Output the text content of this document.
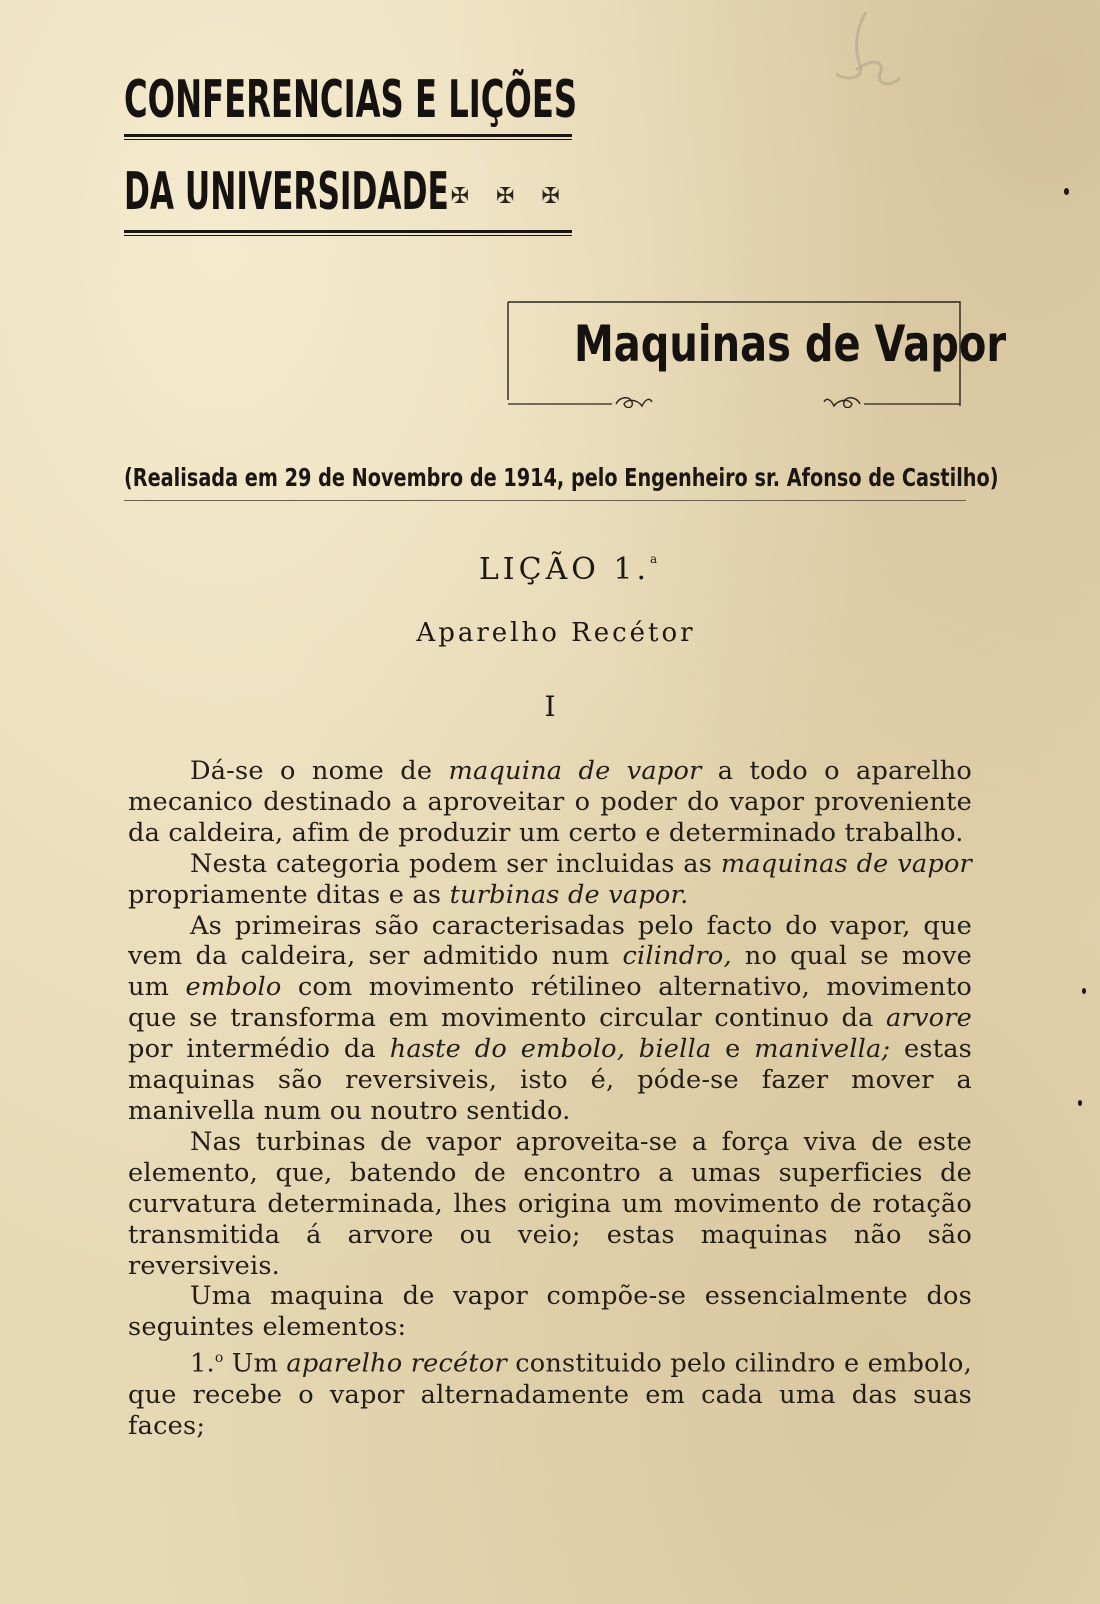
CONFERENCIAS E LIÇÕES
DA UNIVERSIDADE ✠ ✠ ✠
Maquinas de Vapor
(Realisada em 29 de Novembro de 1914, pelo Engenheiro sr. Afonso de Castilho)
LIÇÃO 1.$^a$
Aparelho Recétor
I

Dá-se o nome de maquina de vapor a todo o aparelho mecanico destinado a aproveitar o poder do vapor proveniente da caldeira, afim de produzir um certo e determinado trabalho.

Nesta categoria podem ser incluidas as maquinas de vapor propriamente ditas e as turbinas de vapor.

As primeiras são caracterisadas pelo facto do vapor, que vem da caldeira, ser admitido num cilindro, no qual se move um embolo com movimento rétilineo alternativo, movimento que se transforma em movimento circular continuo da arvore por intermédio da haste do embolo, biella e manivella; estas maquinas são reversiveis, isto é, póde-se fazer mover a manivella num ou noutro sentido.

Nas turbinas de vapor aproveita-se a força viva de este elemento, que, batendo de encontro a umas superficies de curvatura determinada, lhes origina um movimento de rotação transmitida á arvore ou veio; estas maquinas não são reversiveis.

Uma maquina de vapor compõe-se essencialmente dos seguintes elementos:

1.$^o$ Um aparelho recétor constituido pelo cilindro e embolo, que recebe o vapor alternadamente em cada uma das suas faces;
